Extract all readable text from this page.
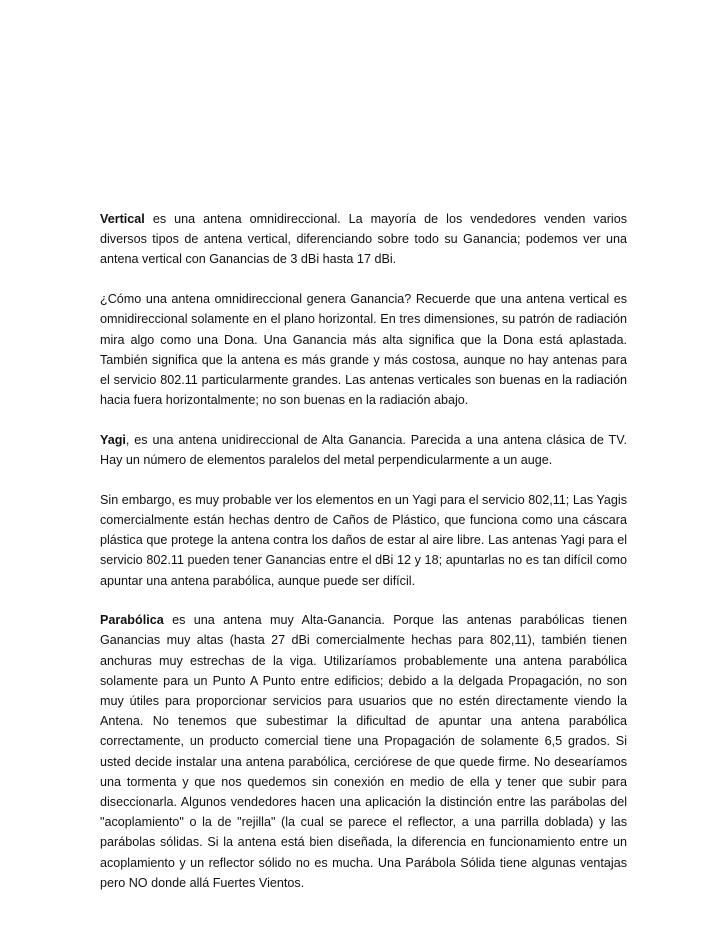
Vertical es una antena omnidireccional. La mayoría de los vendedores venden varios diversos tipos de antena vertical, diferenciando sobre todo su Ganancia; podemos ver una antena vertical con Ganancias de 3 dBi hasta 17 dBi.

¿Cómo una antena omnidireccional genera Ganancia? Recuerde que una antena vertical es omnidireccional solamente en el plano horizontal. En tres dimensiones, su patrón de radiación mira algo como una Dona. Una Ganancia más alta significa que la Dona está aplastada. También significa que la antena es más grande y más costosa, aunque no hay antenas para el servicio 802.11 particularmente grandes. Las antenas verticales son buenas en la radiación hacia fuera horizontalmente; no son buenas en la radiación abajo.

Yagi, es una antena unidireccional de Alta Ganancia. Parecida a una antena clásica de TV. Hay un número de elementos paralelos del metal perpendicularmente a un auge.

Sin embargo, es muy probable ver los elementos en un Yagi para el servicio 802,11; Las Yagis comercialmente están hechas dentro de Caños de Plástico, que funciona como una cáscara plástica que protege la antena contra los daños de estar al aire libre. Las antenas Yagi para el servicio 802.11 pueden tener Ganancias entre el dBi 12 y 18; apuntarlas no es tan difícil como apuntar una antena parabólica, aunque puede ser difícil.

Parabólica es una antena muy Alta-Ganancia. Porque las antenas parabólicas tienen Ganancias muy altas (hasta 27 dBi comercialmente hechas para 802,11), también tienen anchuras muy estrechas de la viga. Utilizaríamos probablemente una antena parabólica solamente para un Punto A Punto entre edificios; debido a la delgada Propagación, no son muy útiles para proporcionar servicios para usuarios que no estén directamente viendo la Antena. No tenemos que subestimar la dificultad de apuntar una antena parabólica correctamente, un producto comercial tiene una Propagación de solamente 6,5 grados. Si usted decide instalar una antena parabólica, cerciórese de que quede firme. No desearíamos una tormenta y que nos quedemos sin conexión en medio de ella y tener que subir para diseccionarla. Algunos vendedores hacen una aplicación la distinción entre las parábolas del "acoplamiento" o la de "rejilla" (la cual se parece el reflector, a una parrilla doblada) y las parábolas sólidas. Si la antena está bien diseñada, la diferencia en funcionamiento entre un acoplamiento y un reflector sólido no es mucha. Una Parábola Sólida tiene algunas ventajas pero NO donde allá Fuertes Vientos.
